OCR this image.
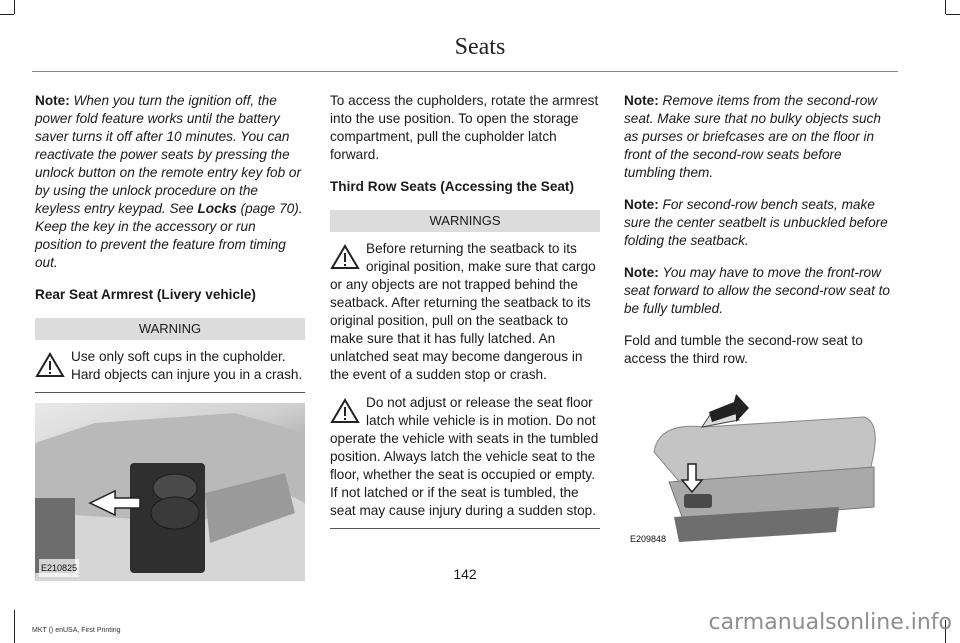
Seats

Note: When you turn the ignition off, the power fold feature works until the battery saver turns it off after 10 minutes. You can reactivate the power seats by pressing the unlock button on the remote entry key fob or by using the unlock procedure on the keyless entry keypad. See Locks (page 70). Keep the key in the accessory or run position to prevent the feature from timing out.

Rear Seat Armrest (Livery vehicle)

WARNING
Use only soft cups in the cupholder. Hard objects can injure you in a crash.
E210825

To access the cupholders, rotate the armrest into the use position. To open the storage compartment, pull the cupholder latch forward.

Third Row Seats (Accessing the Seat)

WARNINGS
Before returning the seatback to its original position, make sure that cargo or any objects are not trapped behind the seatback. After returning the seatback to its original position, pull on the seatback to make sure that it has fully latched. An unlatched seat may become dangerous in the event of a sudden stop or crash.
Do not adjust or release the seat floor latch while vehicle is in motion. Do not operate the vehicle with seats in the tumbled position. Always latch the vehicle seat to the floor, whether the seat is occupied or empty. If not latched or if the seat is tumbled, the seat may cause injury during a sudden stop.

Note: Remove items from the second-row seat. Make sure that no bulky objects such as purses or briefcases are on the floor in front of the second-row seats before tumbling them.

Note: For second-row bench seats, make sure the center seatbelt is unbuckled before folding the seatback.

Note: You may have to move the front-row seat forward to allow the second-row seat to be fully tumbled.

Fold and tumble the second-row seat to access the third row.

E209848
142
MKT () enUSA, First Printing	carmanualsonline.info
